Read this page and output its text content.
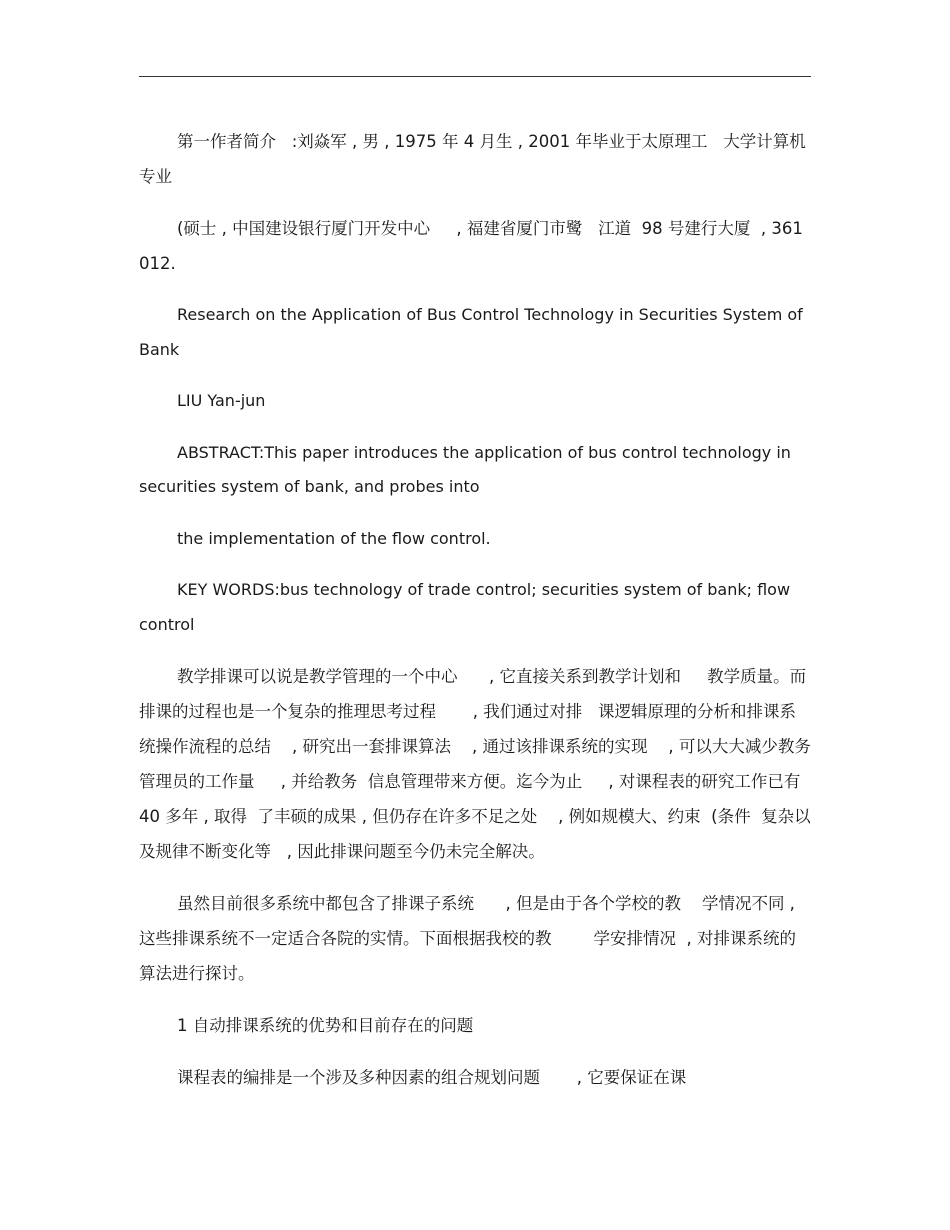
第一作者简介   :刘焱军 , 男 , 1975 年 4 月生 , 2001 年毕业于太原理工   大学计算机专业

(硕士 , 中国建设银行厦门开发中心     , 福建省厦门市鹭   江道  98 号建行大厦  , 361012.

Research on the Application of Bus Control Technology in Securities System of Bank

LIU Yan-jun

ABSTRACT:This paper introduces the application of bus control technology in securities system of bank, and probes into

the implementation of the flow control.

KEY WORDS:bus technology of trade control; securities system of bank; flow control

教学排课可以说是教学管理的一个中心      , 它直接关系到教学计划和     教学质量。而排课的过程也是一个复杂的推理思考过程       , 我们通过对排   课逻辑原理的分析和排课系统操作流程的总结    , 研究出一套排课算法    , 通过该排课系统的实现    , 可以大大减少教务管理员的工作量     , 并给教务  信息管理带来方便。迄今为止     , 对课程表的研究工作已有   40 多年 , 取得  了丰硕的成果 , 但仍存在许多不足之处    , 例如规模大、约束  (条件  复杂以  及规律不断变化等   , 因此排课问题至今仍未完全解决。

虽然目前很多系统中都包含了排课子系统      , 但是由于各个学校的教    学情况不同 , 这些排课系统不一定适合各院的实情。下面根据我校的教        学安排情况  , 对排课系统的算法进行探讨。

1 自动排课系统的优势和目前存在的问题

课程表的编排是一个涉及多种因素的组合规划问题       , 它要保证在课
